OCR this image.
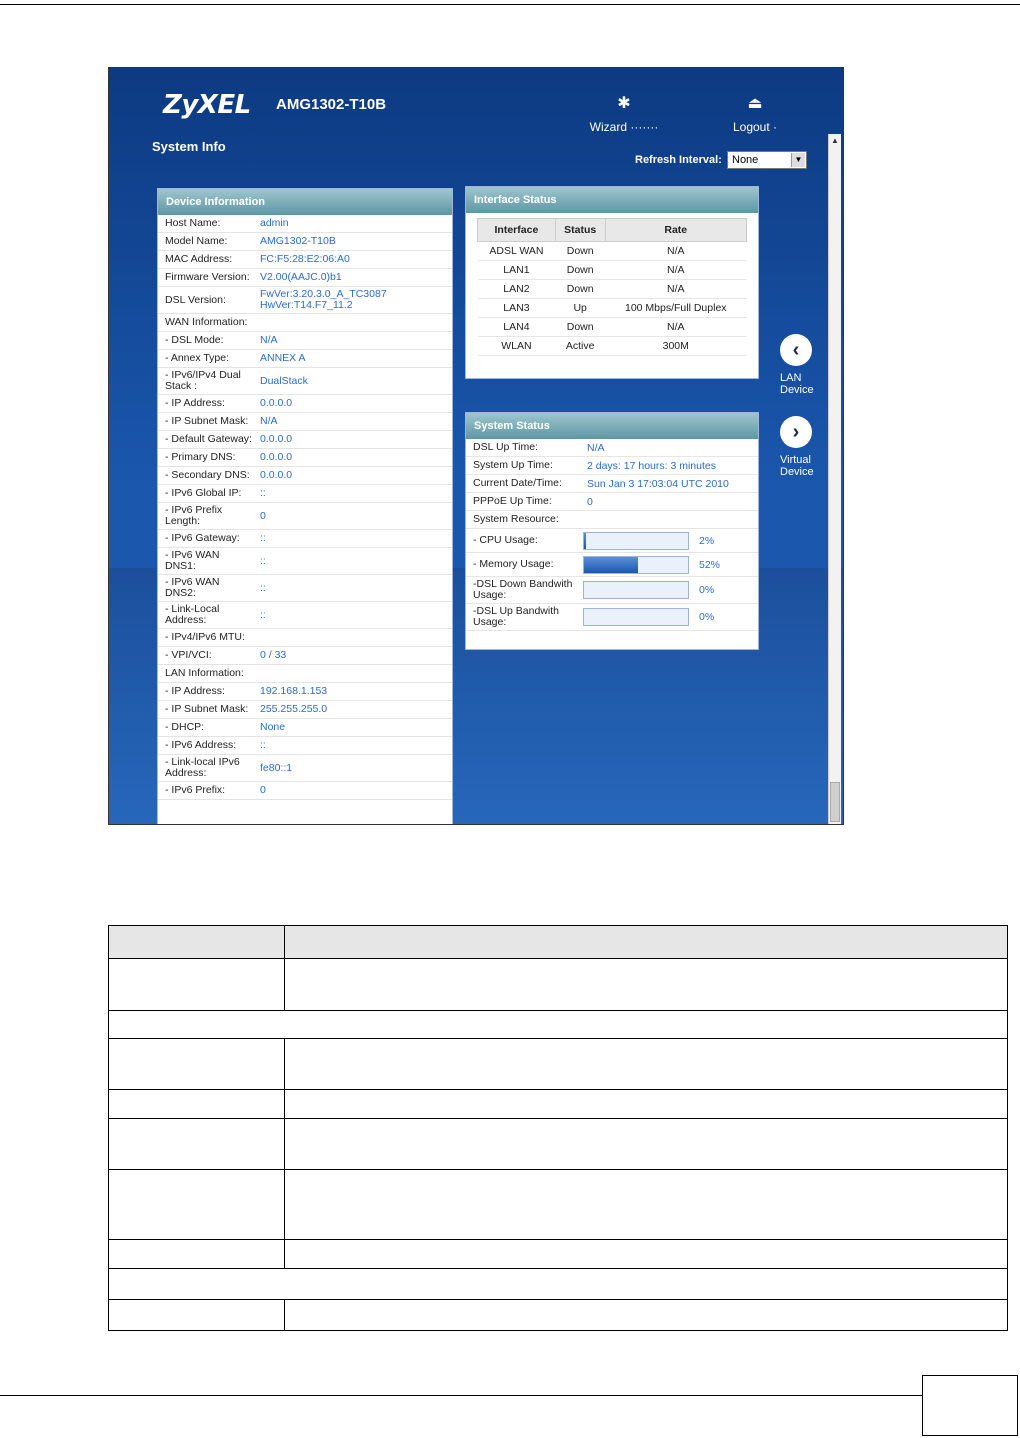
ZyXEL AMG1302-T10B
System Info
✱
Wizard ·······
⏏
Logout ·
Refresh Interval: None	▼
Device Information
Host Name:	admin
Model Name:	AMG1302-T10B
MAC Address:	FC:F5:28:E2:06:A0
Firmware Version: V2.00(AAJC.0)b1
DSL Version:	FwVer:3.20.3.0_A_TC3087 HwVer:T14.F7_11.2
WAN Information:
- DSL Mode:	N/A
- Annex Type:	ANNEX A
- IPv6/IPv4 Dual Stack :	DualStack
- IP Address:	0.0.0.0
- IP Subnet Mask:	N/A
- Default Gateway: 0.0.0.0
- Primary DNS:	0.0.0.0
- Secondary DNS: 0.0.0.0
- IPv6 Global IP:	::
- IPv6 Prefix Length:	0
- IPv6 Gateway:	::
- IPv6 WAN DNS1:	::
- IPv6 WAN DNS2:	::
- Link-Local Address:	::
- IPv4/IPv6 MTU:
- VPI/VCI:	0 / 33
LAN Information:
- IP Address:	192.168.1.153
- IP Subnet Mask:	255.255.255.0
- DHCP:	None
- IPv6 Address:	::
- Link-local IPv6 Address:	fe80::1
- IPv6 Prefix:	0
Interface Status
Interface	Status	Rate
ADSL WAN	Down	N/A
LAN1	Down	N/A
LAN2	Down	N/A
LAN3	Up	100 Mbps/Full Duplex
LAN4	Down	N/A
WLAN	Active	300M
System Status
DSL Up Time:	N/A
System Up Time:	2 days: 17 hours: 3 minutes
Current Date/Time:	Sun Jan 3 17:03:04 UTC 2010
PPPoE Up Time:	0
System Resource:
- CPU Usage:	2%
- Memory Usage:	52%
-DSL Down Bandwith Usage:	0%
-DSL Up Bandwith Usage:	0%
‹
LAN Device
›
Virtual Device
▲
